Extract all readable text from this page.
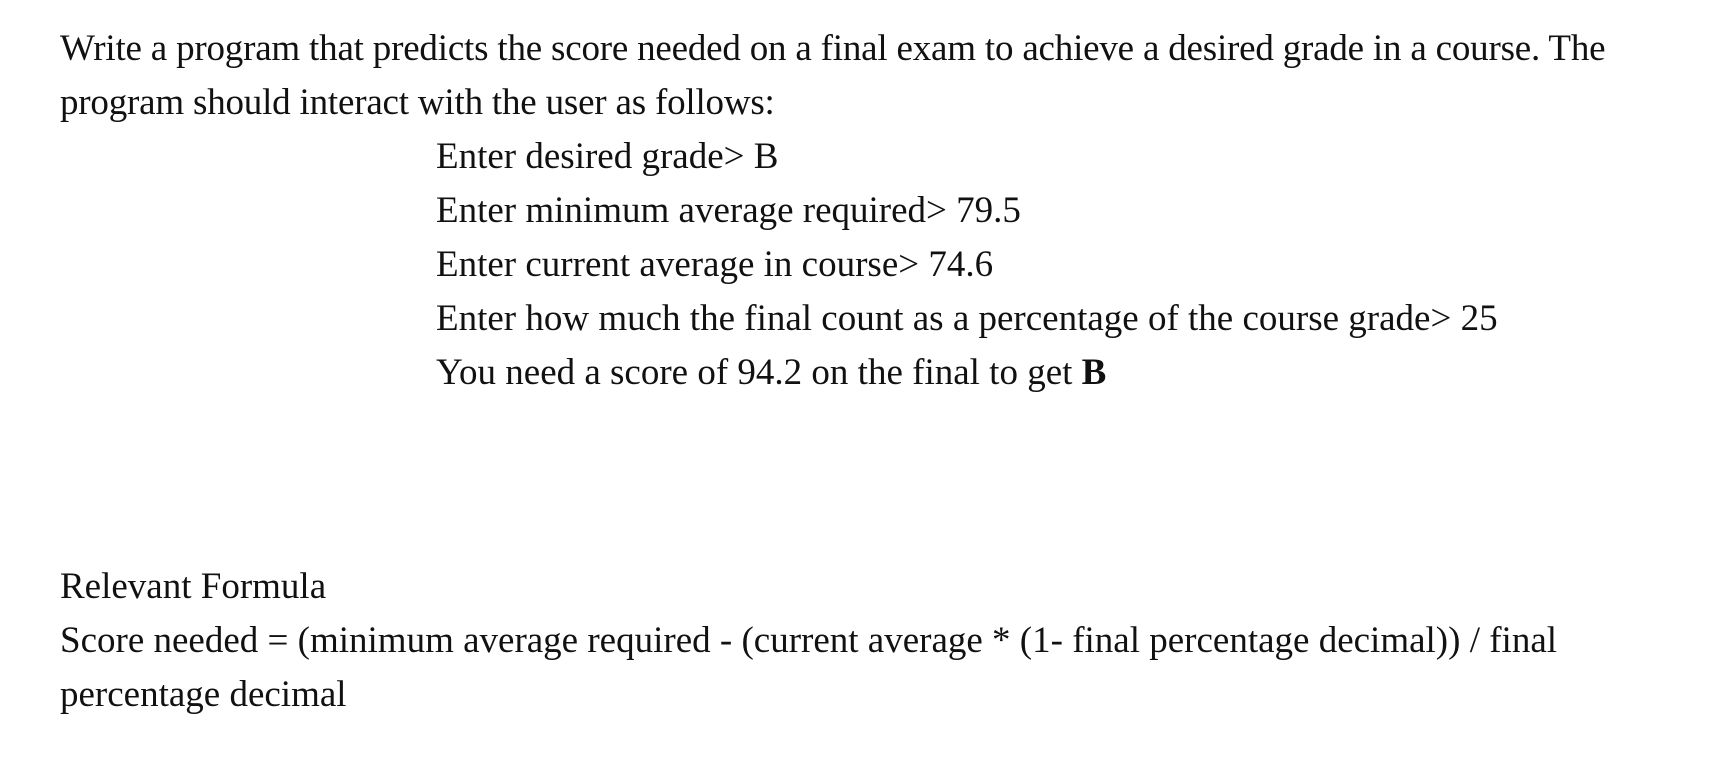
Write a program that predicts the score needed on a final exam to achieve a desired grade in a course. The program should interact with the user as follows:

Enter desired grade> B
Enter minimum average required> 79.5
Enter current average in course> 74.6
Enter how much the final count as a percentage of the course grade> 25
You need a score of 94.2 on the final to get B

Relevant Formula

Score needed = (minimum average required - (current average * (1- final percentage decimal)) / final percentage decimal
